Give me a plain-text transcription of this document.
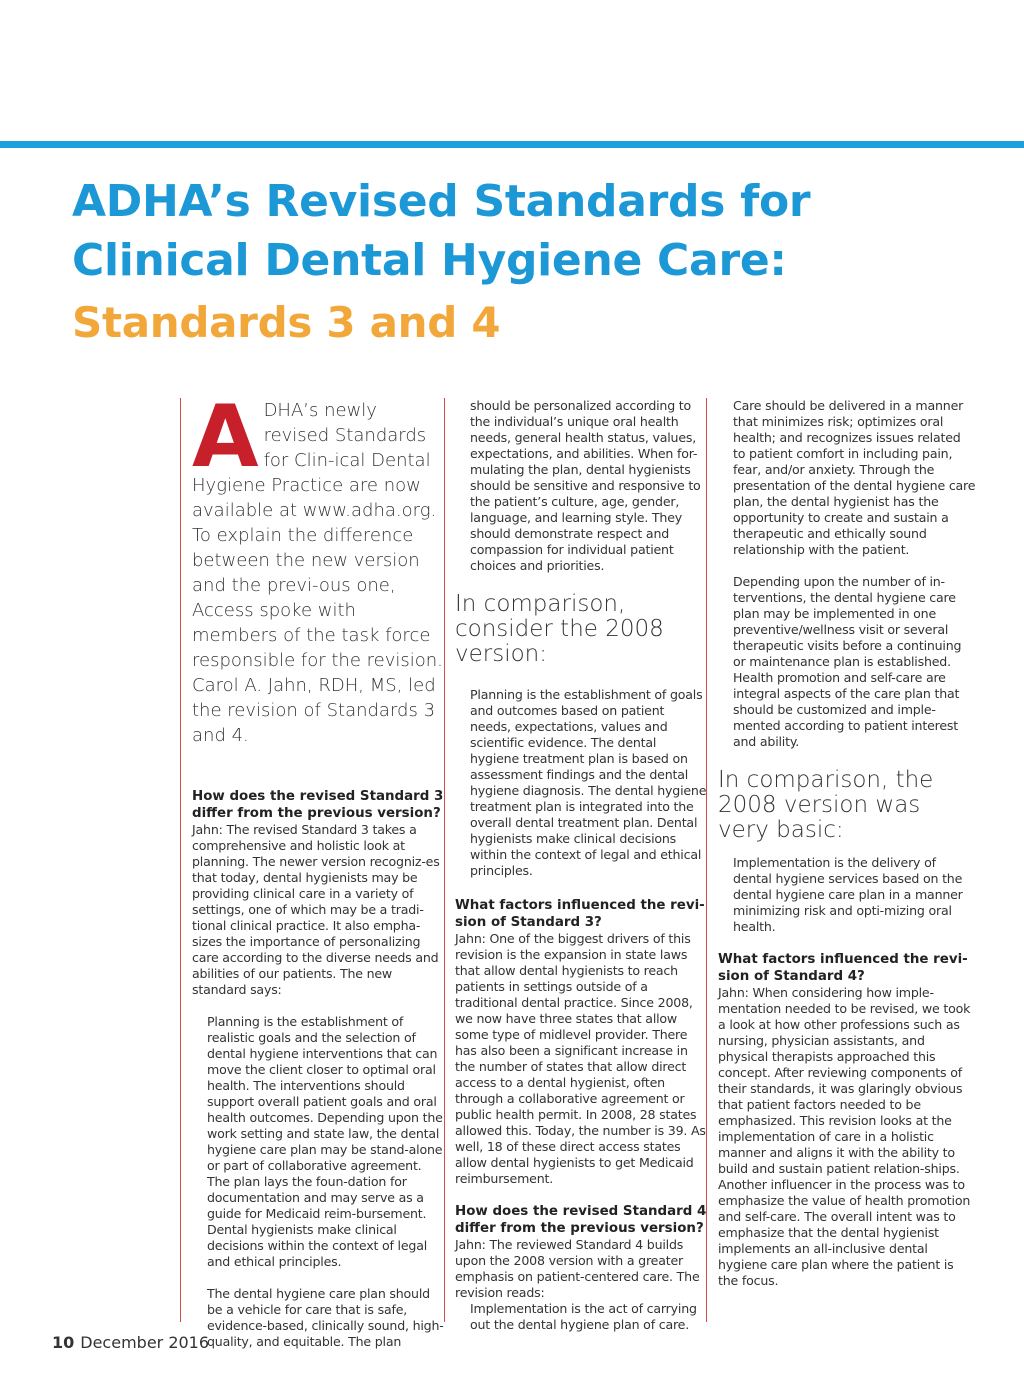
ADHA’s Revised Standards for Clinical Dental Hygiene Care:
Standards 3 and 4

ADHA’s newly revised Standards for Clin-ical Dental Hygiene Practice are now available at www.adha.org. To explain the difference between the new version and the previ-ous one, Access spoke with members of the task force responsible for the revision. Carol A. Jahn, RDH, MS, led the revision of Standards 3 and 4.

How does the revised Standard 3 differ from the previous version?

Jahn: The revised Standard 3 takes a comprehensive and holistic look at planning. The newer version recogniz-es that today, dental hygienists may be providing clinical care in a variety of settings, one of which may be a tradi-tional clinical practice. It also empha-sizes the importance of personalizing care according to the diverse needs and abilities of our patients. The new standard says:

Planning is the establishment of realistic goals and the selection of dental hygiene interventions that can move the client closer to optimal oral health. The interventions should support overall patient goals and oral health outcomes. Depending upon the work setting and state law, the dental hygiene care plan may be stand-alone or part of collaborative agreement. The plan lays the foun-dation for documentation and may serve as a guide for Medicaid reim-bursement. Dental hygienists make clinical decisions within the context of legal and ethical principles.

The dental hygiene care plan should be a vehicle for care that is safe, evidence-based, clinically sound, high-quality, and equitable. The plan

should be personalized according to the individual’s unique oral health needs, general health status, values, expectations, and abilities. When for-mulating the plan, dental hygienists should be sensitive and responsive to the patient’s culture, age, gender, language, and learning style. They should demonstrate respect and compassion for individual patient choices and priorities.

In comparison, consider the 2008 version:

Planning is the establishment of goals and outcomes based on patient needs, expectations, values and scientific evidence. The dental hygiene treatment plan is based on assessment findings and the dental hygiene diagnosis. The dental hygiene treatment plan is integrated into the overall dental treatment plan. Dental hygienists make clinical decisions within the context of legal and ethical principles.

What factors influenced the revi-sion of Standard 3?

Jahn: One of the biggest drivers of this revision is the expansion in state laws that allow dental hygienists to reach patients in settings outside of a traditional dental practice. Since 2008, we now have three states that allow some type of midlevel provider. There has also been a significant increase in the number of states that allow direct access to a dental hygienist, often through a collaborative agreement or public health permit. In 2008, 28 states allowed this. Today, the number is 39. As well, 18 of these direct access states allow dental hygienists to get Medicaid reimbursement.

How does the revised Standard 4 differ from the previous version?

Jahn: The reviewed Standard 4 builds upon the 2008 version with a greater emphasis on patient-centered care. The revision reads:

Implementation is the act of carrying out the dental hygiene plan of care.

Care should be delivered in a manner that minimizes risk; optimizes oral health; and recognizes issues related to patient comfort in including pain, fear, and/or anxiety. Through the presentation of the dental hygiene care plan, the dental hygienist has the opportunity to create and sustain a therapeutic and ethically sound relationship with the patient.

Depending upon the number of in-terventions, the dental hygiene care plan may be implemented in one preventive/wellness visit or several therapeutic visits before a continuing or maintenance plan is established. Health promotion and self-care are integral aspects of the care plan that should be customized and imple-mented according to patient interest and ability.

In comparison, the 2008 version was very basic:

Implementation is the delivery of dental hygiene services based on the dental hygiene care plan in a manner minimizing risk and opti-mizing oral health.

What factors influenced the revi-sion of Standard 4?

Jahn: When considering how imple-mentation needed to be revised, we took a look at how other professions such as nursing, physician assistants, and physical therapists approached this concept. After reviewing components of their standards, it was glaringly obvious that patient factors needed to be emphasized. This revision looks at the implementation of care in a holistic manner and aligns it with the ability to build and sustain patient relation-ships. Another influencer in the process was to emphasize the value of health promotion and self-care. The overall intent was to emphasize that the dental hygienist implements an all-inclusive dental hygiene care plan where the patient is the focus.

10 December 2016
